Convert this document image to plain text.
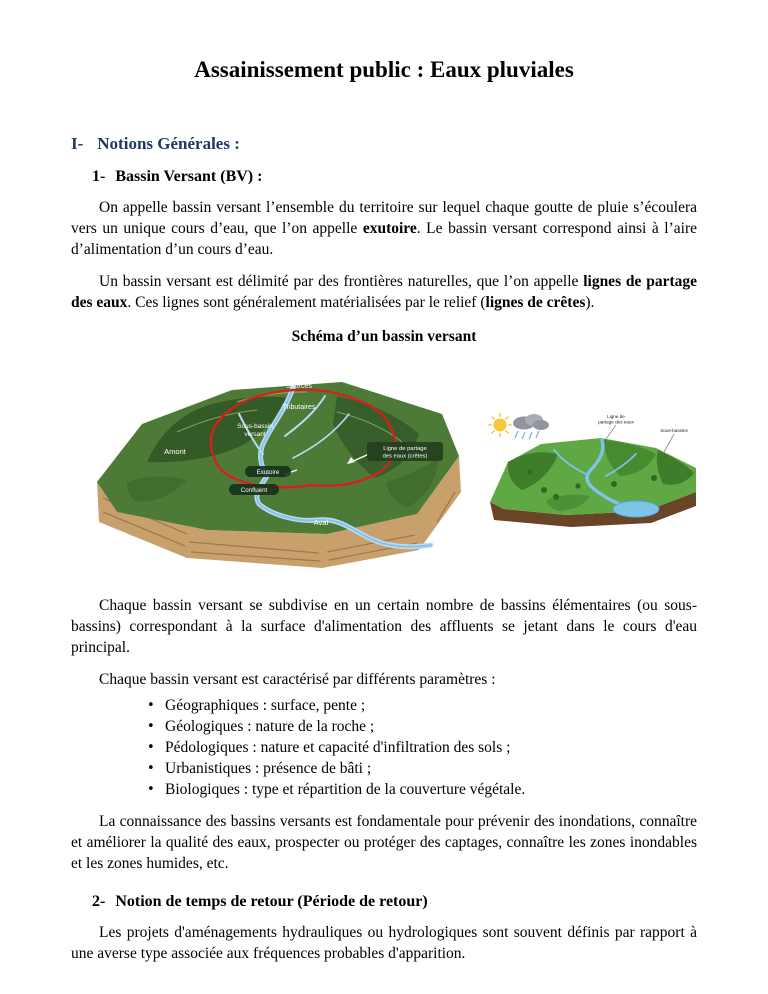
Assainissement public : Eaux pluviales
I- Notions Générales :
1- Bassin Versant (BV) :

On appelle bassin versant l’ensemble du territoire sur lequel chaque goutte de pluie s’écoulera vers un unique cours d’eau, que l’on appelle exutoire. Le bassin versant correspond ainsi à l’aire d’alimentation d’un cours d’eau.

Un bassin versant est délimité par des frontières naturelles, que l’on appelle lignes de partage des eaux. Ces lignes sont généralement matérialisées par le relief (lignes de crêtes).

Schéma d’un bassin versant

Sources
Tributaires
Sous-bassin
versant
Amont
Aval
Ligne de partage
des eaux (crêtes)
Exutoire
Confluent
Ligne de
partage des eaux
Sous-bassins

Chaque bassin versant se subdivise en un certain nombre de bassins élémentaires (ou sous-bassins) correspondant à la surface d'alimentation des affluents se jetant dans le cours d'eau principal.

Chaque bassin versant est caractérisé par différents paramètres :

• Géographiques : surface, pente ;
• Géologiques : nature de la roche ;
• Pédologiques : nature et capacité d'infiltration des sols ;
• Urbanistiques : présence de bâti ;
• Biologiques : type et répartition de la couverture végétale.

La connaissance des bassins versants est fondamentale pour prévenir des inondations, connaître et améliorer la qualité des eaux, prospecter ou protéger des captages, connaître les zones inondables et les zones humides, etc.

2- Notion de temps de retour (Période de retour)

Les projets d'aménagements hydrauliques ou hydrologiques sont souvent définis par rapport à une averse type associée aux fréquences probables d'apparition.
